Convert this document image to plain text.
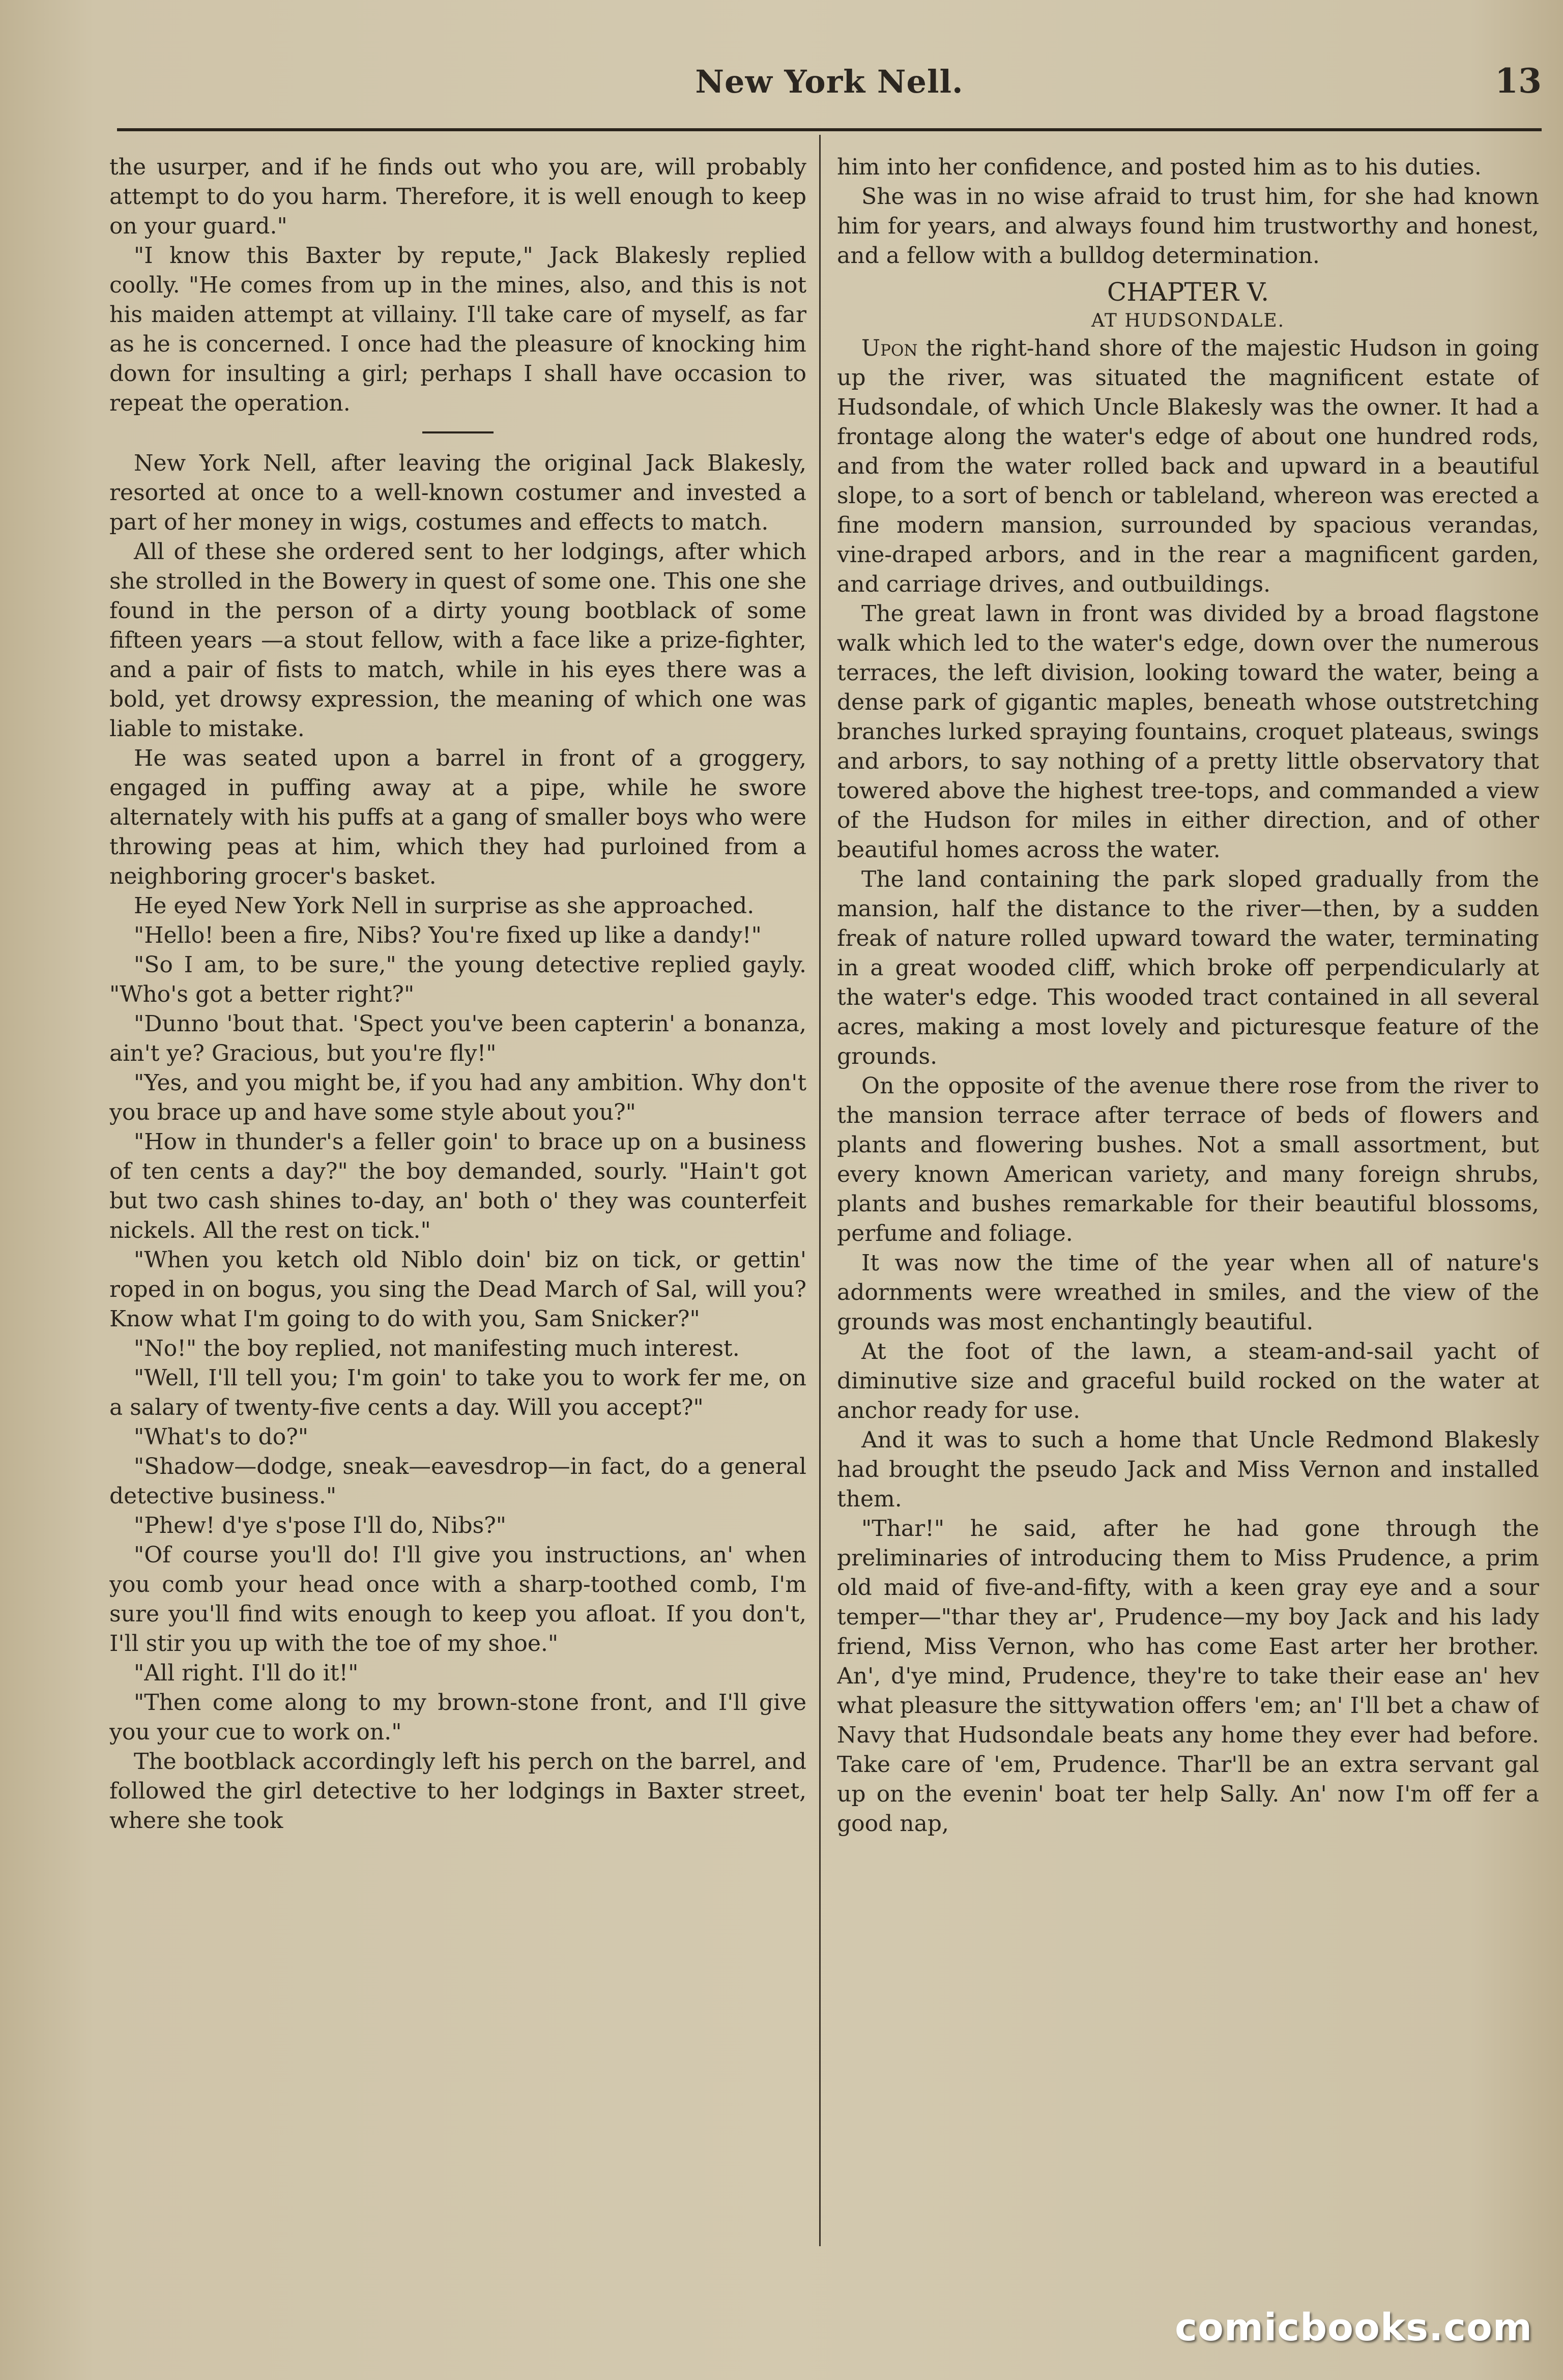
New York Nell.	13

the usurper, and if he finds out who you are, will probably attempt to do you harm. Therefore, it is well enough to keep on your guard."

"I know this Baxter by repute," Jack Blakesly replied coolly. "He comes from up in the mines, also, and this is not his maiden attempt at villainy. I'll take care of myself, as far as he is concerned. I once had the pleasure of knocking him down for insulting a girl; perhaps I shall have occasion to repeat the operation.

New York Nell, after leaving the original Jack Blakesly, resorted at once to a well-known costumer and invested a part of her money in wigs, costumes and effects to match.

All of these she ordered sent to her lodgings, after which she strolled in the Bowery in quest of some one. This one she found in the person of a dirty young bootblack of some fifteen years —a stout fellow, with a face like a prize-fighter, and a pair of fists to match, while in his eyes there was a bold, yet drowsy expression, the meaning of which one was liable to mistake.

He was seated upon a barrel in front of a groggery, engaged in puffing away at a pipe, while he swore alternately with his puffs at a gang of smaller boys who were throwing peas at him, which they had purloined from a neighboring grocer's basket.

He eyed New York Nell in surprise as she approached.

"Hello! been a fire, Nibs? You're fixed up like a dandy!"

"So I am, to be sure," the young detective replied gayly. "Who's got a better right?"

"Dunno 'bout that. 'Spect you've been capterin' a bonanza, ain't ye? Gracious, but you're fly!"

"Yes, and you might be, if you had any ambition. Why don't you brace up and have some style about you?"

"How in thunder's a feller goin' to brace up on a business of ten cents a day?" the boy demanded, sourly. "Hain't got but two cash shines to-day, an' both o' they was counterfeit nickels. All the rest on tick."

"When you ketch old Niblo doin' biz on tick, or gettin' roped in on bogus, you sing the Dead March of Sal, will you? Know what I'm going to do with you, Sam Snicker?"

"No!" the boy replied, not manifesting much interest.

"Well, I'll tell you; I'm goin' to take you to work fer me, on a salary of twenty-five cents a day. Will you accept?"

"What's to do?"

"Shadow—dodge, sneak—eavesdrop—in fact, do a general detective business."

"Phew! d'ye s'pose I'll do, Nibs?"

"Of course you'll do! I'll give you instructions, an' when you comb your head once with a sharp-toothed comb, I'm sure you'll find wits enough to keep you afloat. If you don't, I'll stir you up with the toe of my shoe."

"All right. I'll do it!"

"Then come along to my brown-stone front, and I'll give you your cue to work on."

The bootblack accordingly left his perch on the barrel, and followed the girl detective to her lodgings in Baxter street, where she took

him into her confidence, and posted him as to his duties.

She was in no wise afraid to trust him, for she had known him for years, and always found him trustworthy and honest, and a fellow with a bulldog determination.

CHAPTER V.
AT HUDSONDALE.

Upon the right-hand shore of the majestic Hudson in going up the river, was situated the magnificent estate of Hudsondale, of which Uncle Blakesly was the owner. It had a frontage along the water's edge of about one hundred rods, and from the water rolled back and upward in a beautiful slope, to a sort of bench or tableland, whereon was erected a fine modern mansion, surrounded by spacious verandas, vine-draped arbors, and in the rear a magnificent garden, and carriage drives, and outbuildings.

The great lawn in front was divided by a broad flagstone walk which led to the water's edge, down over the numerous terraces, the left division, looking toward the water, being a dense park of gigantic maples, beneath whose outstretching branches lurked spraying fountains, croquet plateaus, swings and arbors, to say nothing of a pretty little observatory that towered above the highest tree-tops, and commanded a view of the Hudson for miles in either direction, and of other beautiful homes across the water.

The land containing the park sloped gradually from the mansion, half the distance to the river—then, by a sudden freak of nature rolled upward toward the water, terminating in a great wooded cliff, which broke off perpendicularly at the water's edge. This wooded tract contained in all several acres, making a most lovely and picturesque feature of the grounds.

On the opposite of the avenue there rose from the river to the mansion terrace after terrace of beds of flowers and plants and flowering bushes. Not a small assortment, but every known American variety, and many foreign shrubs, plants and bushes remarkable for their beautiful blossoms, perfume and foliage.

It was now the time of the year when all of nature's adornments were wreathed in smiles, and the view of the grounds was most enchantingly beautiful.

At the foot of the lawn, a steam-and-sail yacht of diminutive size and graceful build rocked on the water at anchor ready for use.

And it was to such a home that Uncle Redmond Blakesly had brought the pseudo Jack and Miss Vernon and installed them.

"Thar!" he said, after he had gone through the preliminaries of introducing them to Miss Prudence, a prim old maid of five-and-fifty, with a keen gray eye and a sour temper—"thar they ar', Prudence—my boy Jack and his lady friend, Miss Vernon, who has come East arter her brother. An', d'ye mind, Prudence, they're to take their ease an' hev what pleasure the sittywation offers 'em; an' I'll bet a chaw of Navy that Hudsondale beats any home they ever had before. Take care of 'em, Prudence. Thar'll be an extra servant gal up on the evenin' boat ter help Sally. An' now I'm off fer a good nap,

comicbooks.com
